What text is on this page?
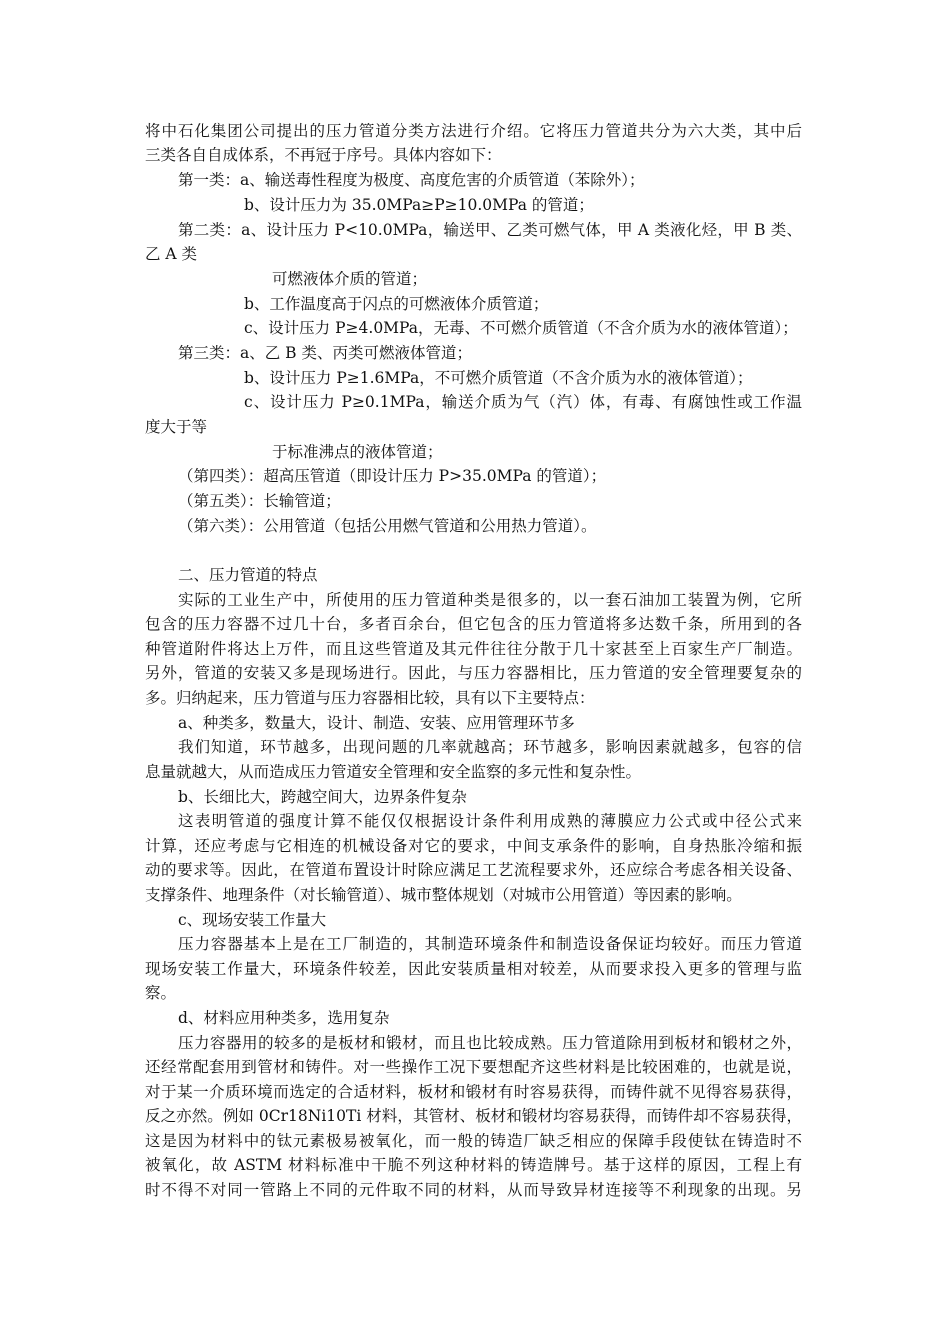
将中石化集团公司提出的压力管道分类方法进行介绍。它将压力管道共分为六大类，其中后
三类各自自成体系，不再冠于序号。具体内容如下：
第一类：a、输送毒性程度为极度、高度危害的介质管道（苯除外）；
b、设计压力为 35.0MPa≥P≥10.0MPa 的管道；
第二类：a、设计压力 P<10.0MPa，输送甲、乙类可燃气体，甲 A 类液化烃，甲 B 类、
乙 A 类
可燃液体介质的管道；
b、工作温度高于闪点的可燃液体介质管道；
c、设计压力 P≥4.0MPa，无毒、不可燃介质管道（不含介质为水的液体管道）；
第三类：a、乙 B 类、丙类可燃液体管道；
b、设计压力 P≥1.6MPa，不可燃介质管道（不含介质为水的液体管道）；
c、设计压力 P≥0.1MPa，输送介质为气（汽）体，有毒、有腐蚀性或工作温
度大于等
于标准沸点的液体管道；
（第四类）：超高压管道（即设计压力 P>35.0MPa 的管道）；
（第五类）：长输管道；
（第六类）：公用管道（包括公用燃气管道和公用热力管道）。
二、压力管道的特点
实际的工业生产中，所使用的压力管道种类是很多的，以一套石油加工装置为例，它所
包含的压力容器不过几十台，多者百余台，但它包含的压力管道将多达数千条，所用到的各
种管道附件将达上万件，而且这些管道及其元件往往分散于几十家甚至上百家生产厂制造。
另外，管道的安装又多是现场进行。因此，与压力容器相比，压力管道的安全管理要复杂的
多。归纳起来，压力管道与压力容器相比较，具有以下主要特点：
a、种类多，数量大，设计、制造、安装、应用管理环节多
我们知道，环节越多，出现问题的几率就越高；环节越多，影响因素就越多，包容的信
息量就越大，从而造成压力管道安全管理和安全监察的多元性和复杂性。
b、长细比大，跨越空间大，边界条件复杂
这表明管道的强度计算不能仅仅根据设计条件利用成熟的薄膜应力公式或中径公式来
计算，还应考虑与它相连的机械设备对它的要求，中间支承条件的影响，自身热胀冷缩和振
动的要求等。因此，在管道布置设计时除应满足工艺流程要求外，还应综合考虑各相关设备、
支撑条件、地理条件（对长输管道）、城市整体规划（对城市公用管道）等因素的影响。
c、现场安装工作量大
压力容器基本上是在工厂制造的，其制造环境条件和制造设备保证均较好。而压力管道
现场安装工作量大，环境条件较差，因此安装质量相对较差，从而要求投入更多的管理与监
察。
d、材料应用种类多，选用复杂
压力容器用的较多的是板材和锻材，而且也比较成熟。压力管道除用到板材和锻材之外，
还经常配套用到管材和铸件。对一些操作工况下要想配齐这些材料是比较困难的，也就是说，
对于某一介质环境而选定的合适材料，板材和锻材有时容易获得，而铸件就不见得容易获得，
反之亦然。例如 0Cr18Ni10Ti 材料，其管材、板材和锻材均容易获得，而铸件却不容易获得，
这是因为材料中的钛元素极易被氧化，而一般的铸造厂缺乏相应的保障手段使钛在铸造时不
被氧化，故 ASTM 材料标准中干脆不列这种材料的铸造牌号。基于这样的原因，工程上有
时不得不对同一管路上不同的元件取不同的材料，从而导致异材连接等不利现象的出现。另
